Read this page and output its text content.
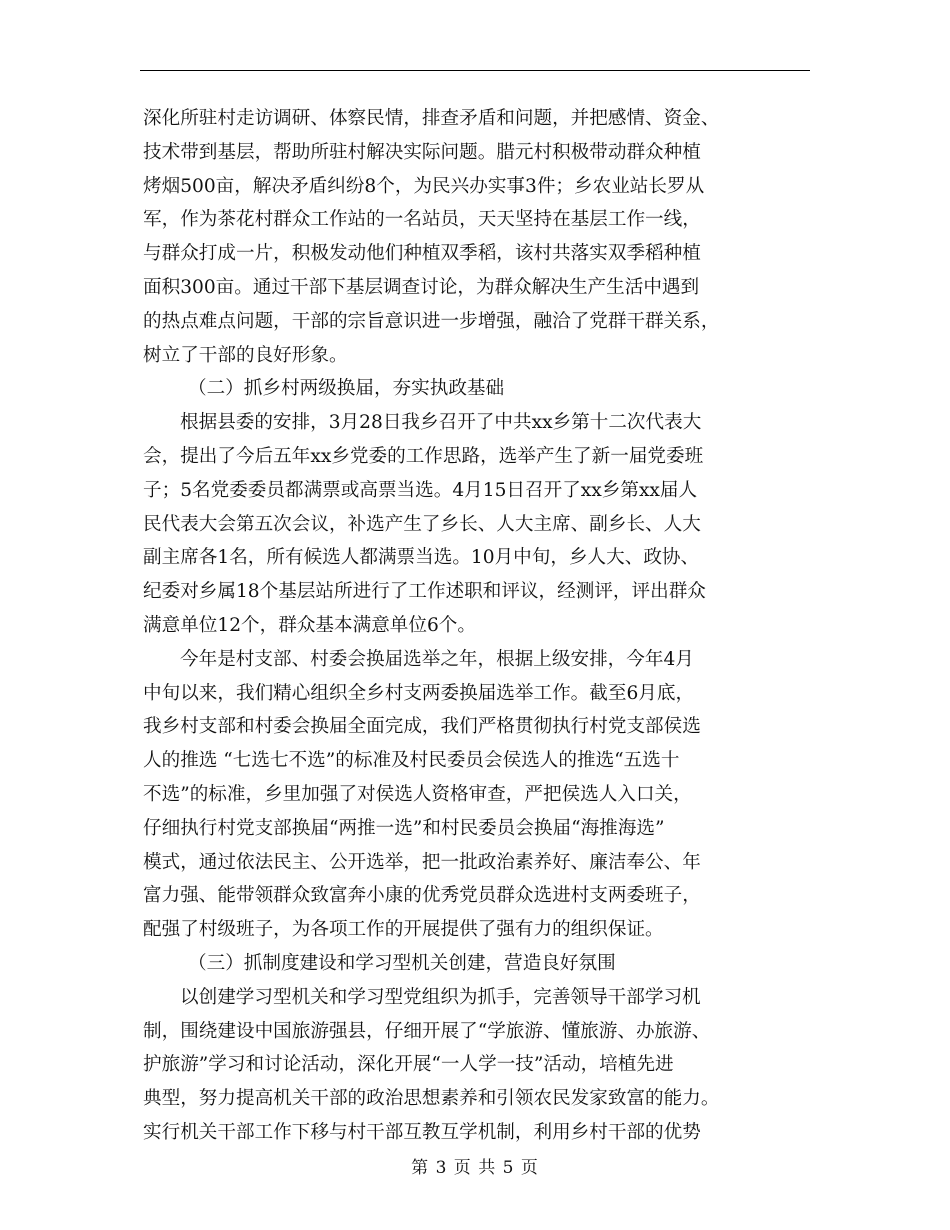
深化所驻村走访调研、体察民情，排查矛盾和问题，并把感情、资金、
技术带到基层，帮助所驻村解决实际问题。腊元村积极带动群众种植
烤烟500亩，解决矛盾纠纷8个，为民兴办实事3件；乡农业站长罗从
军，作为茶花村群众工作站的一名站员，天天坚持在基层工作一线，
与群众打成一片，积极发动他们种植双季稻，该村共落实双季稻种植
面积300亩。通过干部下基层调查讨论，为群众解决生产生活中遇到
的热点难点问题，干部的宗旨意识进一步增强，融洽了党群干群关系，
树立了干部的良好形象。
（二）抓乡村两级换届，夯实执政基础
根据县委的安排，3月28日我乡召开了中共xx乡第十二次代表大
会，提出了今后五年xx乡党委的工作思路，选举产生了新一届党委班
子；5名党委委员都满票或高票当选。4月15日召开了xx乡第xx届人
民代表大会第五次会议，补选产生了乡长、人大主席、副乡长、人大
副主席各1名，所有候选人都满票当选。10月中旬，乡人大、政协、
纪委对乡属18个基层站所进行了工作述职和评议，经测评，评出群众
满意单位12个，群众基本满意单位6个。
今年是村支部、村委会换届选举之年，根据上级安排，今年4月
中旬以来，我们精心组织全乡村支两委换届选举工作。截至6月底，
我乡村支部和村委会换届全面完成，我们严格贯彻执行村党支部侯选
人的推选 “七选七不选”的标准及村民委员会侯选人的推选“五选十
不选”的标准，乡里加强了对侯选人资格审查，严把侯选人入口关，
仔细执行村党支部换届“两推一选”和村民委员会换届“海推海选”
模式，通过依法民主、公开选举，把一批政治素养好、廉洁奉公、年
富力强、能带领群众致富奔小康的优秀党员群众选进村支两委班子，
配强了村级班子，为各项工作的开展提供了强有力的组织保证。
（三）抓制度建设和学习型机关创建，营造良好氛围
以创建学习型机关和学习型党组织为抓手，完善领导干部学习机
制，围绕建设中国旅游强县，仔细开展了“学旅游、懂旅游、办旅游、
护旅游”学习和讨论活动，深化开展“一人学一技”活动，培植先进
典型，努力提高机关干部的政治思想素养和引领农民发家致富的能力。
实行机关干部工作下移与村干部互教互学机制，利用乡村干部的优势
第 3 页 共 5 页
